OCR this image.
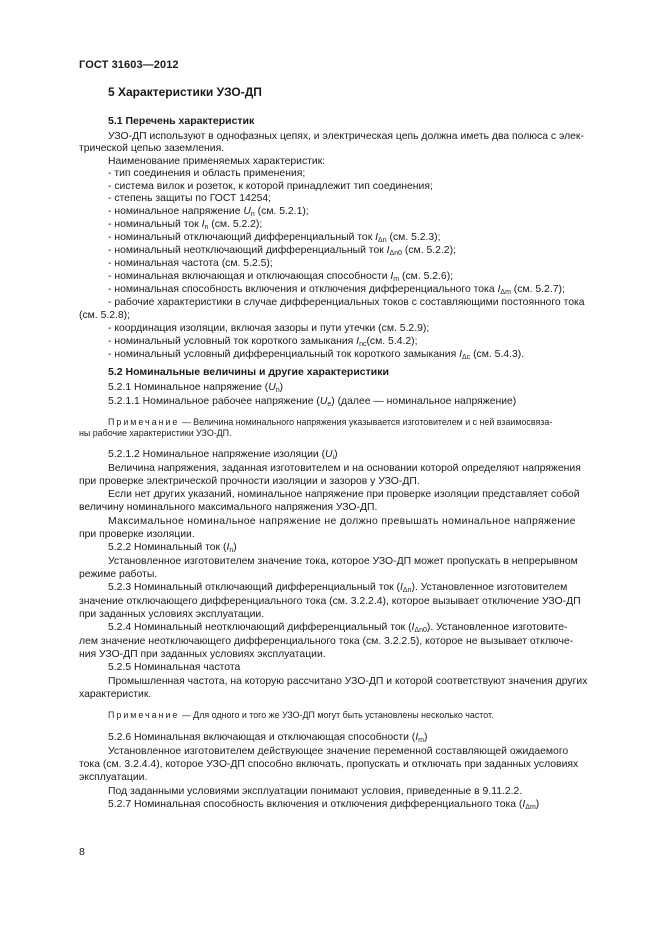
ГОСТ 31603—2012
5 Характеристики УЗО-ДП
5.1 Перечень характеристик
УЗО-ДП используют в однофазных цепях, и электрическая цепь должна иметь два полюса с элек-
трической цепью заземления.
Наименование применяемых характеристик:
- тип соединения и область применения;
- система вилок и розеток, к которой принадлежит тип соединения;
- степень защиты по ГОСТ 14254;
- номинальное напряжение $U_n$ (см. 5.2.1);
- номинальный ток $I_n$ (см. 5.2.2);
- номинальный отключающий дифференциальный ток $I_{\Delta n}$ (см. 5.2.3);
- номинальный неотключающий дифференциальный ток $I_{\Delta n0}$ (см. 5.2.2);
- номинальная частота (см. 5.2.5);
- номинальная включающая и отключающая способности $I_m$ (см. 5.2.6);
- номинальная способность включения и отключения дифференциального тока $I_{\Delta m}$ (см. 5.2.7);
- рабочие характеристики в случае дифференциальных токов с составляющими постоянного тока
(см. 5.2.8);
- координация изоляции, включая зазоры и пути утечки (см. 5.2.9);
- номинальный условный ток короткого замыкания $I_{nc}(см$. 5.4.2);
- номинальный условный дифференциальный ток короткого замыкания $I_{\Delta c}$ (см. 5.4.3).
5.2 Номинальные величины и другие характеристики
5.2.1 Номинальное напряжение $(U_n)$
5.2.1.1 Номинальное рабочее напряжение $(U_e)$ (далее — номинальное напряжение)
Примечание — Величина номинального напряжения указывается изготовителем и с ней взаимосвяза-
ны рабочие характеристики УЗО-ДП.
5.2.1.2 Номинальное напряжение изоляции $(U_i)$
Величина напряжения, заданная изготовителем и на основании которой определяют напряжения
при проверке электрической прочности изоляции и зазоров у УЗО-ДП.
Если нет других указаний, номинальное напряжение при проверке изоляции представляет собой
величину номинального максимального напряжения УЗО-ДП.
Максимальное номинальное напряжение не должно превышать номинальное напряжение
при проверке изоляции.
5.2.2 Номинальный ток $(I_n)$
Установленное изготовителем значение тока, которое УЗО-ДП может пропускать в непрерывном
режиме работы.
5.2.3 Номинальный отключающий дифференциальный ток $(I_{\Delta n})$. Установленное изготовителем
значение отключающего дифференциального тока (см. 3.2.2.4), которое вызывает отключение УЗО-ДП
при заданных условиях эксплуатации.
5.2.4 Номинальный неотключающий дифференциальный ток $(I_{\Delta n0})$. Установленное изготовите-
лем значение неотключающего дифференциального тока (см. 3.2.2.5), которое не вызывает отключе-
ния УЗО-ДП при заданных условиях эксплуатации.
5.2.5 Номинальная частота
Промышленная частота, на которую рассчитано УЗО-ДП и которой соответствуют значения других
характеристик.
Примечание — Для одного и того же УЗО-ДП могут быть установлены несколько частот.
5.2.6 Номинальная включающая и отключающая способности $(I_m)$
Установленное изготовителем действующее значение переменной составляющей ожидаемого
тока (см. 3.2.4.4), которое УЗО-ДП способно включать, пропускать и отключать при заданных условиях
эксплуатации.
Под заданными условиями эксплуатации понимают условия, приведенные в 9.11.2.2.
5.2.7 Номинальная способность включения и отключения дифференциального тока $(I_{\Delta m})$
8
